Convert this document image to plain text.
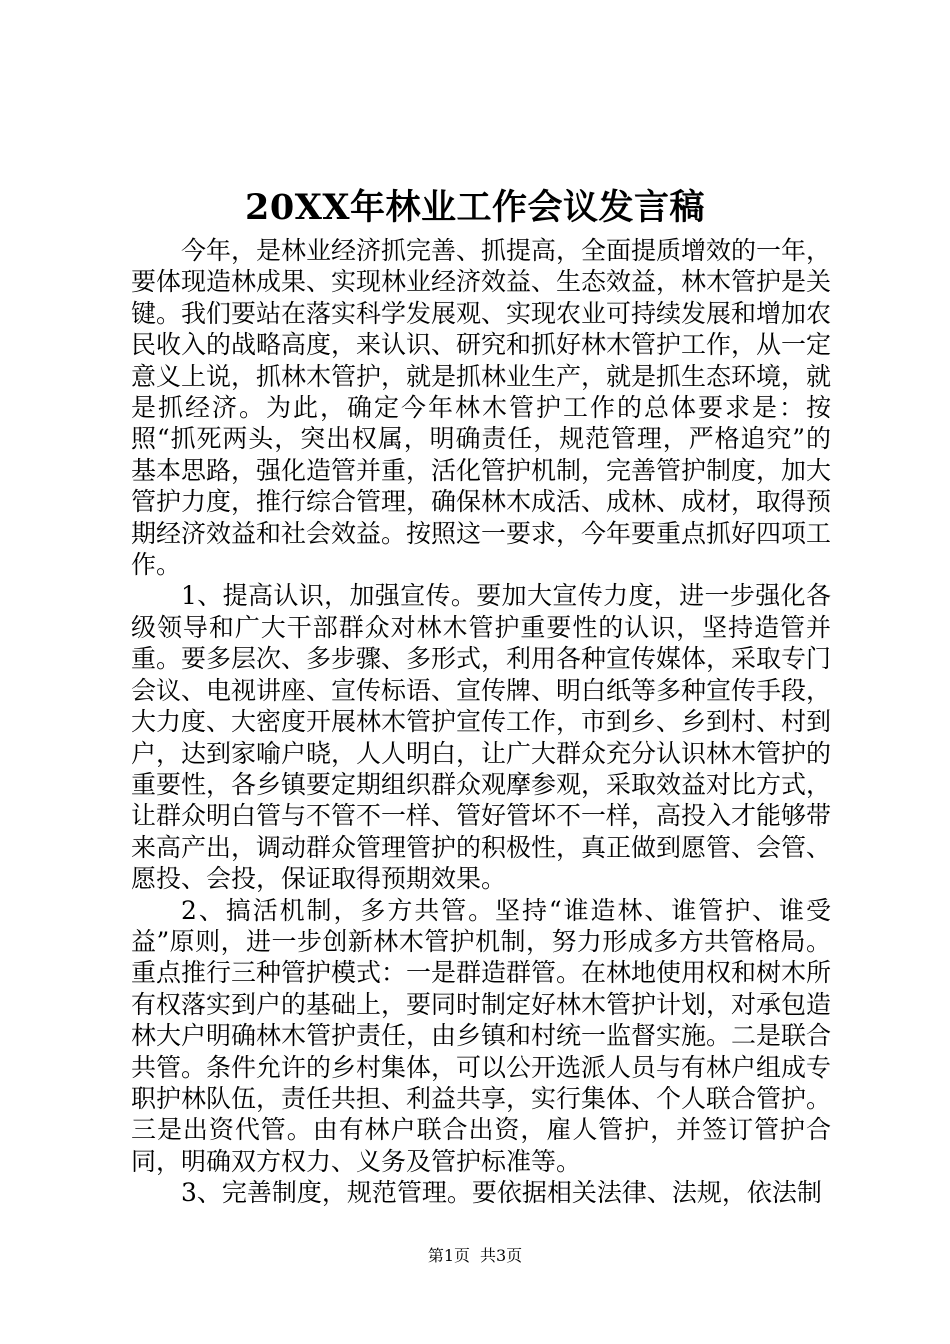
20XX年林业工作会议发言稿

今年，是林业经济抓完善、抓提高，全面提质增效的一年，要体现造林成果、实现林业经济效益、生态效益，林木管护是关键。我们要站在落实科学发展观、实现农业可持续发展和增加农民收入的战略高度，来认识、研究和抓好林木管护工作，从一定意义上说，抓林木管护，就是抓林业生产，就是抓生态环境，就是抓经济。为此，确定今年林木管护工作的总体要求是：按照“抓死两头，突出权属，明确责任，规范管理，严格追究”的基本思路，强化造管并重，活化管护机制，完善管护制度，加大管护力度，推行综合管理，确保林木成活、成林、成材，取得预期经济效益和社会效益。按照这一要求，今年要重点抓好四项工作。

1、提高认识，加强宣传。要加大宣传力度，进一步强化各级领导和广大干部群众对林木管护重要性的认识，坚持造管并重。要多层次、多步骤、多形式，利用各种宣传媒体，采取专门会议、电视讲座、宣传标语、宣传牌、明白纸等多种宣传手段，大力度、大密度开展林木管护宣传工作，市到乡、乡到村、村到户，达到家喻户晓，人人明白，让广大群众充分认识林木管护的重要性，各乡镇要定期组织群众观摩参观，采取效益对比方式，让群众明白管与不管不一样、管好管坏不一样，高投入才能够带来高产出，调动群众管理管护的积极性，真正做到愿管、会管、愿投、会投，保证取得预期效果。

2、搞活机制，多方共管。坚持“谁造林、谁管护、谁受益”原则，进一步创新林木管护机制，努力形成多方共管格局。重点推行三种管护模式：一是群造群管。在林地使用权和树木所有权落实到户的基础上，要同时制定好林木管护计划，对承包造林大户明确林木管护责任，由乡镇和村统一监督实施。二是联合共管。条件允许的乡村集体，可以公开选派人员与有林户组成专职护林队伍，责任共担、利益共享，实行集体、个人联合管护。三是出资代管。由有林户联合出资，雇人管护，并签订管护合同，明确双方权力、义务及管护标准等。

3、完善制度，规范管理。要依据相关法律、法规，依法制

第1页 共3页
